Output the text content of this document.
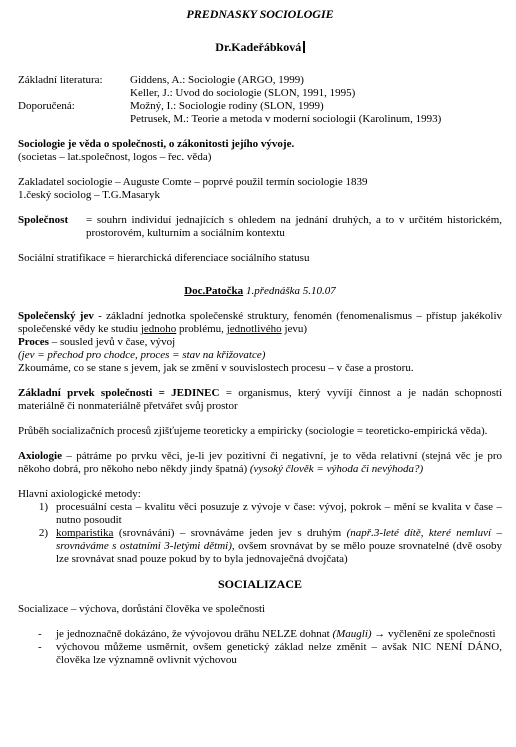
PREDNASKY SOCIOLOGIE
Dr.Kadeřábková
Základní literatura:	Giddens, A.: Sociologie (ARGO, 1999)
Keller, J.: Uvod do sociologie (SLON, 1991, 1995)
Doporučená:	Možný, I.: Sociologie rodiny (SLON, 1999)
Petrusek, M.: Teorie a metoda v moderní sociologii (Karolinum, 1993)
Sociologie je věda o společnosti, o zákonitosti jejího vývoje.
(societas – lat.společnost, logos – řec. věda)
Zakladatel sociologie – Auguste Comte – poprvé použil termín sociologie 1839
1.český sociolog – T.G.Masaryk
Společnost	= souhrn individuí jednajících s ohledem na jednání druhých, a to v určitém historickém, prostorovém, kulturním a sociálním kontextu
Sociální stratifikace = hierarchická diferenciace sociálního statusu
Doc.Patočka 1.přednáška 5.10.07
Společenský jev - základní jednotka společenské struktury, fenomén (fenomenalismus – přístup jakékoliv společenské vědy ke studiu jednoho problému, jednotlivého jevu)
Proces – sousled jevů v čase, vývoj
(jev = přechod pro chodce, proces = stav na křižovatce)
Zkoumáme, co se stane s jevem, jak se změní v souvislostech procesu – v čase a prostoru.
Základní prvek společnosti = JEDINEC = organismus, který vyvíjí činnost a je nadán schopností materiálně či nonmateriálně přetvářet svůj prostor
Průběh socializačních procesů zjišťujeme teoreticky a empiricky (sociologie = teoreticko-empirická věda).
Axiologie – pátráme po prvku věci, je-li jev pozitivní či negativní, je to věda relativní (stejná věc je pro někoho dobrá, pro někoho nebo někdy jindy špatná) (vysoký člověk = výhoda či nevýhoda?)
Hlavní axiologické metody:
1) procesuální cesta – kvalitu věci posuzuje z vývoje v čase: vývoj, pokrok – mění se kvalita v čase – nutno posoudit
2) komparistika (srovnávání) – srovnáváme jeden jev s druhým (např.3-leté dítě, které nemluví – srovnáváme s ostatními 3-letými dětmi), ovšem srovnávat by se mělo pouze srovnatelné (dvě osoby lze srovnávat snad pouze pokud by to byla jednovaječná dvojčata)
SOCIALIZACE
Socializace – výchova, dorůstání člověka ve společnosti
-	je jednoznačně dokázáno, že vývojovou drāhu NELZE dohnat (Maugli) → vyčlenění ze společnosti
-	výchovou můžeme usměrnit, ovšem genetický základ nelze změnit – avšak NIC NENÍ DÁNO, člověka lze významně ovlivnit výchovou
